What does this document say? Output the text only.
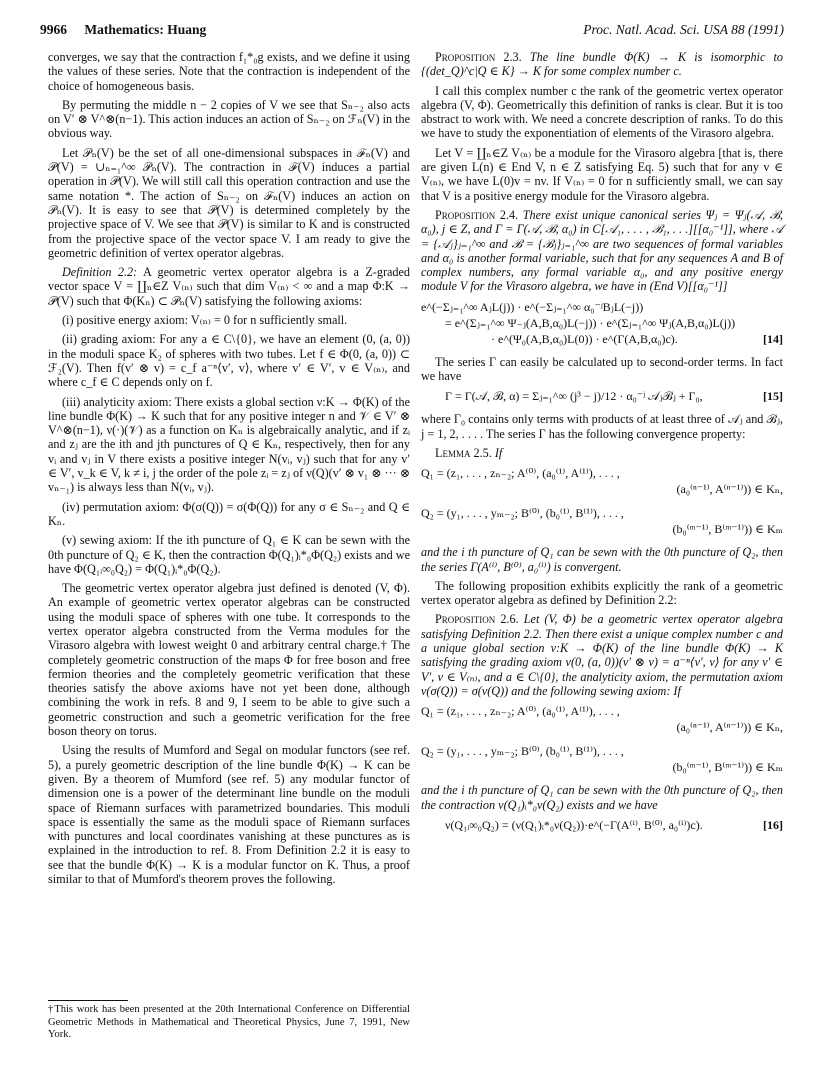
9966 Mathematics: Huang	Proc. Natl. Acad. Sci. USA 88 (1991)

converges, we say that the contraction f₁*₀g exists, and we define it using the values of these series. Note that the contraction is independent of the choice of homogeneous basis.

By permuting the middle n − 2 copies of V we see that Sₙ₋₂ also acts on V′ ⊗ V^⊗(n−1). This action induces an action of Sₙ₋₂ on ℱₙ(V) in the obvious way.

Let 𝒫ₙ(V) be the set of all one-dimensional subspaces in ℱₙ(V) and 𝒫(V) = ∪ₙ₌₁^∞ 𝒫ₙ(V). The contraction in ℱ(V) induces a partial operation in 𝒫(V). We will still call this operation contraction and use the same notation *. The action of Sₙ₋₂ on ℱₙ(V) induces an action on 𝒫ₙ(V). It is easy to see that 𝒫(V) is determined completely by the projective space of V. We see that 𝒫(V) is similar to K and is constructed from the projective space of the vector space V. I am ready to give the geometric definition of vertex operator algebras.

Definition 2.2: A geometric vertex operator algebra is a Z-graded vector space V = ∐ₙ∈Z V₍ₙ₎ such that dim V₍ₙ₎ < ∞ and a map Φ:K → 𝒫(V) such that Φ(Kₙ) ⊂ 𝒫ₙ(V) satisfying the following axioms:

(i) positive energy axiom: V₍ₙ₎ = 0 for n sufficiently small.

(ii) grading axiom: For any a ∈ C\{0}, we have an element (0, (a, 0)) in the moduli space K₂ of spheres with two tubes. Let f ∈ Φ(0, (a, 0)) ⊂ ℱ₂(V). Then f(v′ ⊗ v) = c_f a⁻ⁿ⟨v′, v⟩, where v′ ∈ V′, v ∈ V₍ₙ₎, and where c_f ∈ C depends only on f.

(iii) analyticity axiom: There exists a global section ν:K → Φ(K) of the line bundle Φ(K) → K such that for any positive integer n and 𝒱 ∈ V′ ⊗ V^⊗(n−1), ν(·)(𝒱) as a function on Kₙ is algebraically analytic, and if zᵢ and zⱼ are the ith and jth punctures of Q ∈ Kₙ, respectively, then for any vᵢ and vⱼ in V there exists a positive integer N(vᵢ, vⱼ) such that for any v′ ∈ V′, v_k ∈ V, k ≠ i, j the order of the pole zᵢ = zⱼ of ν(Q)(v′ ⊗ v₁ ⊗ ··· ⊗ vₙ₋₁) is always less than N(vᵢ, vⱼ).

(iv) permutation axiom: Φ(σ(Q)) = σ(Φ(Q)) for any σ ∈ Sₙ₋₂ and Q ∈ Kₙ.

(v) sewing axiom: If the ith puncture of Q₁ ∈ K can be sewn with the 0th puncture of Q₂ ∈ K, then the contraction Φ(Q₁)ᵢ*₀Φ(Q₂) exists and we have Φ(Q₁ᵢ∞₀Q₂) = Φ(Q₁)ᵢ*₀Φ(Q₂).

The geometric vertex operator algebra just defined is denoted (V, Φ). An example of geometric vertex operator algebras can be constructed using the moduli space of spheres with one tube. It corresponds to the vertex operator algebra constructed from the Verma modules for the Virasoro algebra with lowest weight 0 and arbitrary central charge.† The completely geometric construction of the maps Φ for free boson and free fermion theories and the completely geometric verification that these theories satisfy the above axioms have not yet been done, although combining the work in refs. 8 and 9, I seem to be able to give such a geometric construction and such a geometric verification for the free boson theory on torus.

Using the results of Mumford and Segal on modular functors (see ref. 5), a purely geometric description of the line bundle Φ(K) → K can be given. By a theorem of Mumford (see ref. 5) any modular functor of dimension one is a power of the determinant line bundle on the moduli space of Riemann surfaces with parametrized boundaries. This moduli space is essentially the same as the moduli space of Riemann surfaces with punctures and local coordinates vanishing at these punctures as is explained in the introduction to ref. 8. From Definition 2.2 it is easy to see that the bundle Φ(K) → K is a modular functor on K. Thus, a proof similar to that of Mumford's theorem proves the following.

†This work has been presented at the 20th International Conference on Differential Geometric Methods in Mathematical and Theoretical Physics, June 7, 1991, New York.

Proposition 2.3. The line bundle Φ(K) → K is isomorphic to {(det_Q)^c|Q ∈ K} → K for some complex number c.

I call this complex number c the rank of the geometric vertex operator algebra (V, Φ). Geometrically this definition of ranks is clear. But it is too abstract to work with. We need a concrete description of ranks. To do this we have to study the exponentiation of elements of the Virasoro algebra.

Let V = ∐ₙ∈Z V₍ₙ₎ be a module for the Virasoro algebra [that is, there are given L(n) ∈ End V, n ∈ Z satisfying Eq. 5) such that for any v ∈ V₍ₙ₎, we have L(0)v = nv. If V₍ₙ₎ = 0 for n sufficiently small, we can say that V is a positive energy module for the Virasoro algebra.

Proposition 2.4. There exist unique canonical series Ψⱼ = Ψⱼ(𝒜, ℬ, α₀), j ∈ Z, and Γ = Γ(𝒜, ℬ, α₀) in C[𝒜₁, . . . , ℬ₁, . . .][[α₀⁻¹]], where 𝒜 = {𝒜ⱼ}ⱼ₌₁^∞ and ℬ = {ℬⱼ}ⱼ₌₁^∞ are two sequences of formal variables and α₀ is another formal variable, such that for any sequences A and B of complex numbers, any formal variable α₀, and any positive energy module V for the Virasoro algebra, we have in (End V)[[α₀⁻¹]]

e^(−Σⱼ₌₁^∞ AⱼL(j)) · e^(−Σⱼ₌₁^∞ α₀⁻ʲBⱼL(−j))
= e^(Σⱼ₌₁^∞ Ψ₋ⱼ(A,B,α₀)L(−j)) · e^(Σⱼ₌₁^∞ Ψⱼ(A,B,α₀)L(j))
· e^(Ψ₀(A,B,α₀)L(0)) · e^(Γ(A,B,α₀)c).	[14]

The series Γ can easily be calculated up to second-order terms. In fact we have

Γ = Γ(𝒜, ℬ, α) = Σⱼ₌₁^∞ (j³ − j)/12 · α₀⁻ʲ 𝒜ⱼℬⱼ + Γ₀,	[15]

where Γ₀ contains only terms with products of at least three of 𝒜ⱼ and ℬⱼ, j = 1, 2, . . . . The series Γ has the following convergence property:

Lemma 2.5. If

Q₁ = (z₁, . . . , zₙ₋₂; A⁽⁰⁾, (a₀⁽¹⁾, A⁽¹⁾), . . . ,
(a₀⁽ⁿ⁻¹⁾, A⁽ⁿ⁻¹⁾)) ∈ Kₙ,
Q₂ = (y₁, . . . , yₘ₋₂; B⁽⁰⁾, (b₀⁽¹⁾, B⁽¹⁾), . . . ,
(b₀⁽ᵐ⁻¹⁾, B⁽ᵐ⁻¹⁾)) ∈ Kₘ

and the i th puncture of Q₁ can be sewn with the 0th puncture of Q₂, then the series Γ(A⁽ⁱ⁾, B⁽⁰⁾, a₀⁽ⁱ⁾) is convergent.

The following proposition exhibits explicitly the rank of a geometric vertex operator algebra as defined by Definition 2.2:

Proposition 2.6. Let (V, Φ) be a geometric vertex operator algebra satisfying Definition 2.2. Then there exist a unique complex number c and a unique global section ν:K → Φ(K) of the line bundle Φ(K) → K satisfying the grading axiom ν(0, (a, 0))(v′ ⊗ v) = a⁻ⁿ⟨v′, v⟩ for any v′ ∈ V′, v ∈ V₍ₙ₎, and a ∈ C\{0}, the analyticity axiom, the permutation axiom ν(σ(Q)) = σ(ν(Q)) and the following sewing axiom: If

Q₁ = (z₁, . . . , zₙ₋₂; A⁽⁰⁾, (a₀⁽¹⁾, A⁽¹⁾), . . . ,
(a₀⁽ⁿ⁻¹⁾, A⁽ⁿ⁻¹⁾)) ∈ Kₙ,
Q₂ = (y₁, . . . , yₘ₋₂; B⁽⁰⁾, (b₀⁽¹⁾, B⁽¹⁾), . . . ,
(b₀⁽ᵐ⁻¹⁾, B⁽ᵐ⁻¹⁾)) ∈ Kₘ

and the i th puncture of Q₁ can be sewn with the 0th puncture of Q₂, then the contraction ν(Q₁)ᵢ*₀ν(Q₂) exists and we have

ν(Q₁ᵢ∞₀Q₂) = (ν(Q₁)ᵢ*₀ν(Q₂))·e^(−Γ(A⁽ⁱ⁾, B⁽⁰⁾, a₀⁽ⁱ⁾)c).	[16]
